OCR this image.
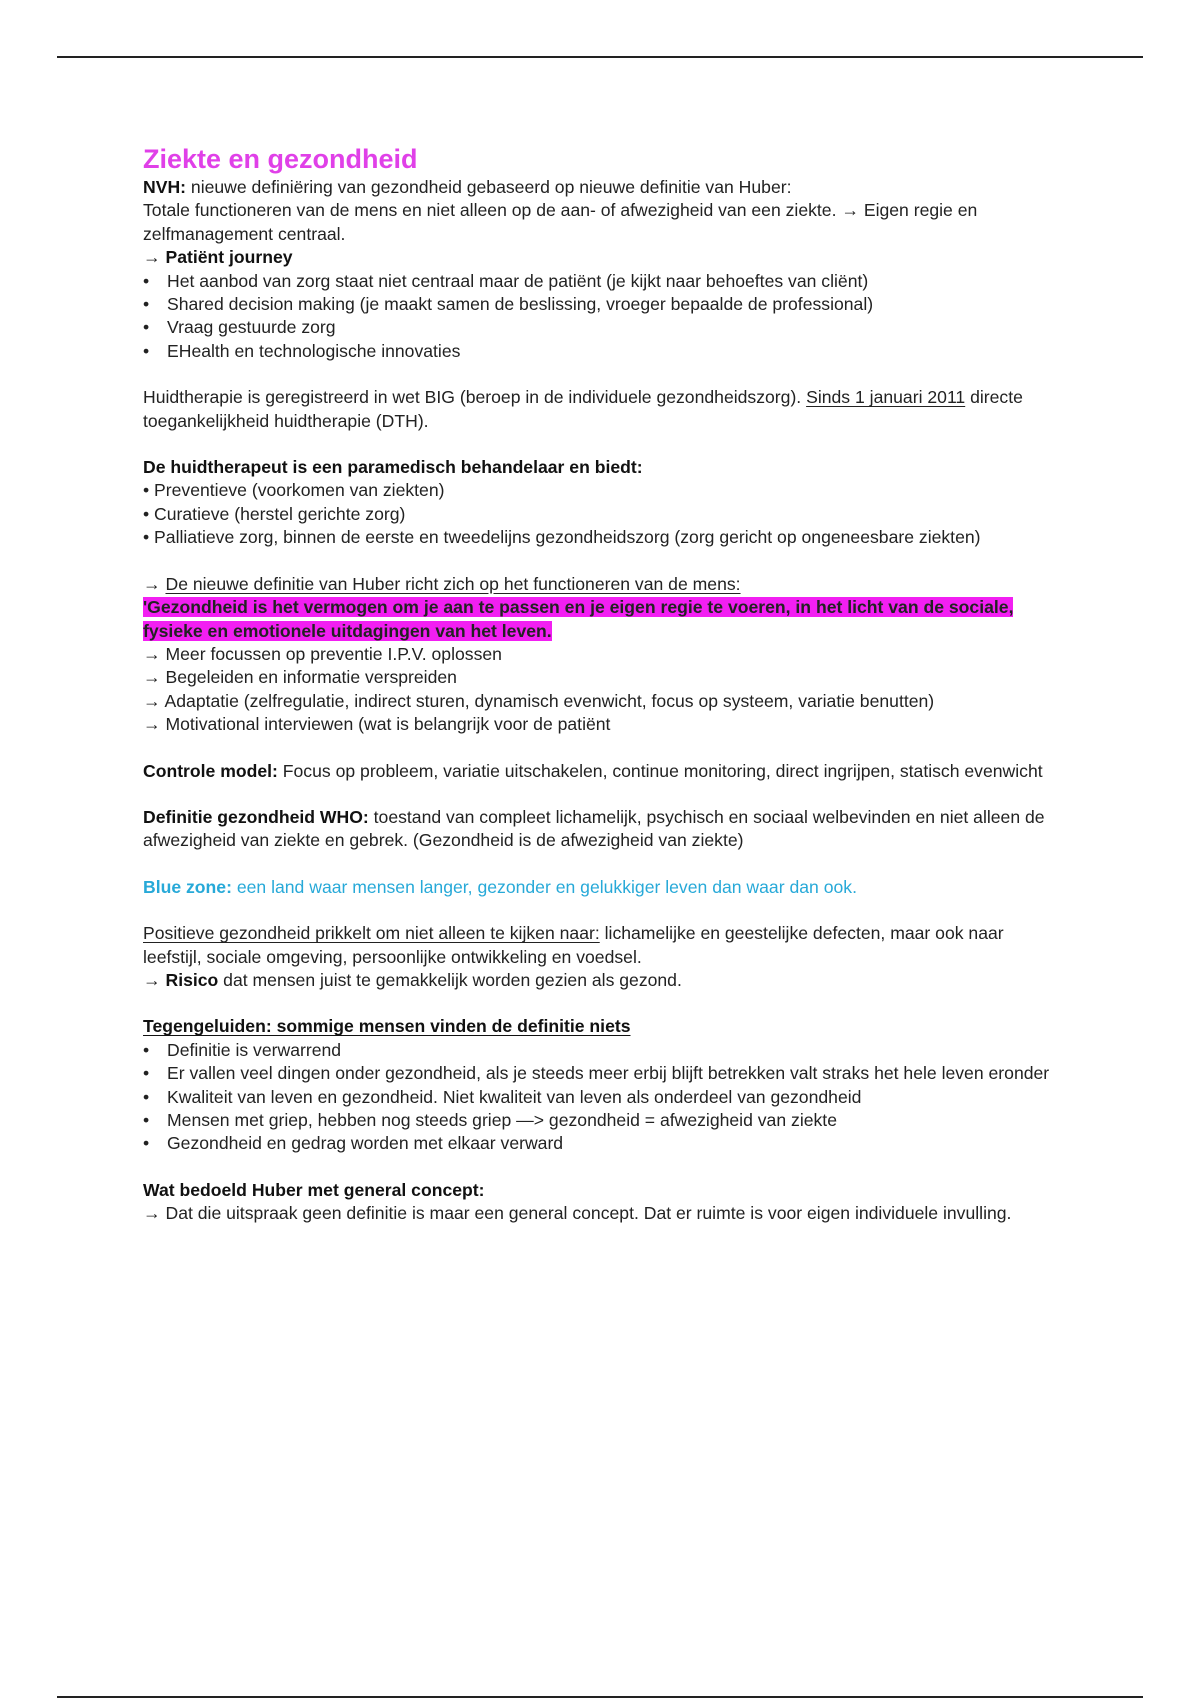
Ziekte en gezondheid

NVH: nieuwe definiëring van gezondheid gebaseerd op nieuwe definitie van Huber:

Totale functioneren van de mens en niet alleen op de aan- of afwezigheid van een ziekte. → Eigen regie en zelfmanagement centraal.

→ Patiënt journey

• Het aanbod van zorg staat niet centraal maar de patiënt (je kijkt naar behoeftes van cliënt)
• Shared decision making (je maakt samen de beslissing, vroeger bepaalde de professional)
• Vraag gestuurde zorg
• EHealth en technologische innovaties

Huidtherapie is geregistreerd in wet BIG (beroep in de individuele gezondheidszorg). Sinds 1 januari 2011 directe toegankelijkheid huidtherapie (DTH).

De huidtherapeut is een paramedisch behandelaar en biedt:

• Preventieve (voorkomen van ziekten)

• Curatieve (herstel gerichte zorg)

• Palliatieve zorg, binnen de eerste en tweedelijns gezondheidszorg (zorg gericht op ongeneesbare ziekten)

→ De nieuwe definitie van Huber richt zich op het functioneren van de mens:

'Gezondheid is het vermogen om je aan te passen en je eigen regie te voeren, in het licht van de sociale, fysieke en emotionele uitdagingen van het leven.

→ Meer focussen op preventie I.P.V. oplossen

→ Begeleiden en informatie verspreiden

→ Adaptatie (zelfregulatie, indirect sturen, dynamisch evenwicht, focus op systeem, variatie benutten)

→ Motivational interviewen (wat is belangrijk voor de patiënt

Controle model: Focus op probleem, variatie uitschakelen, continue monitoring, direct ingrijpen, statisch evenwicht

Definitie gezondheid WHO: toestand van compleet lichamelijk, psychisch en sociaal welbevinden en niet alleen de afwezigheid van ziekte en gebrek. (Gezondheid is de afwezigheid van ziekte)

Blue zone: een land waar mensen langer, gezonder en gelukkiger leven dan waar dan ook.

Positieve gezondheid prikkelt om niet alleen te kijken naar: lichamelijke en geestelijke defecten, maar ook naar leefstijl, sociale omgeving, persoonlijke ontwikkeling en voedsel.

→ Risico dat mensen juist te gemakkelijk worden gezien als gezond.

Tegengeluiden: sommige mensen vinden de definitie niets

• Definitie is verwarrend
• Er vallen veel dingen onder gezondheid, als je steeds meer erbij blijft betrekken valt straks het hele leven eronder
• Kwaliteit van leven en gezondheid. Niet kwaliteit van leven als onderdeel van gezondheid
• Mensen met griep, hebben nog steeds griep —> gezondheid = afwezigheid van ziekte
• Gezondheid en gedrag worden met elkaar verward

Wat bedoeld Huber met general concept:

→ Dat die uitspraak geen definitie is maar een general concept. Dat er ruimte is voor eigen individuele invulling.
